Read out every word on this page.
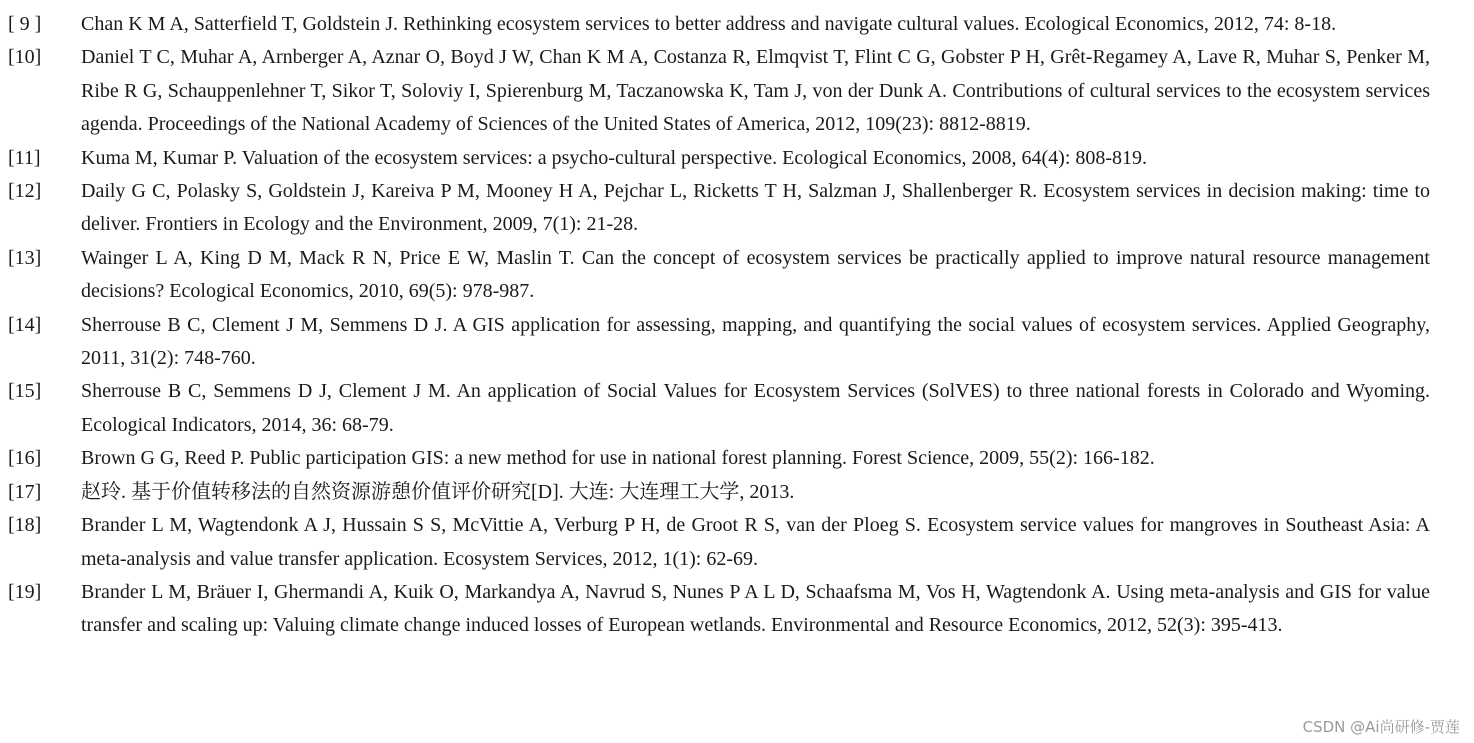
[ 9 ] Chan K M A, Satterfield T, Goldstein J. Rethinking ecosystem services to better address and navigate cultural values. Ecological Economics, 2012, 74: 8-18.
[10] Daniel T C, Muhar A, Arnberger A, Aznar O, Boyd J W, Chan K M A, Costanza R, Elmqvist T, Flint C G, Gobster P H, Grêt-Regamey A, Lave R, Muhar S, Penker M, Ribe R G, Schauppenlehner T, Sikor T, Soloviy I, Spierenburg M, Taczanowska K, Tam J, von der Dunk A. Contributions of cultural services to the ecosystem services agenda. Proceedings of the National Academy of Sciences of the United States of America, 2012, 109(23): 8812-8819.
[11] Kuma M, Kumar P. Valuation of the ecosystem services: a psycho-cultural perspective. Ecological Economics, 2008, 64(4): 808-819.
[12] Daily G C, Polasky S, Goldstein J, Kareiva P M, Mooney H A, Pejchar L, Ricketts T H, Salzman J, Shallenberger R. Ecosystem services in decision making: time to deliver. Frontiers in Ecology and the Environment, 2009, 7(1): 21-28.
[13] Wainger L A, King D M, Mack R N, Price E W, Maslin T. Can the concept of ecosystem services be practically applied to improve natural resource management decisions? Ecological Economics, 2010, 69(5): 978-987.
[14] Sherrouse B C, Clement J M, Semmens D J. A GIS application for assessing, mapping, and quantifying the social values of ecosystem services. Applied Geography, 2011, 31(2): 748-760.
[15] Sherrouse B C, Semmens D J, Clement J M. An application of Social Values for Ecosystem Services (SolVES) to three national forests in Colorado and Wyoming. Ecological Indicators, 2014, 36: 68-79.
[16] Brown G G, Reed P. Public participation GIS: a new method for use in national forest planning. Forest Science, 2009, 55(2): 166-182.
[17] 赵玲. 基于价值转移法的自然资源游憩价值评价研究[D]. 大连: 大连理工大学, 2013.
[18] Brander L M, Wagtendonk A J, Hussain S S, McVittie A, Verburg P H, de Groot R S, van der Ploeg S. Ecosystem service values for mangroves in Southeast Asia: A meta-analysis and value transfer application. Ecosystem Services, 2012, 1(1): 62-69.
[19] Brander L M, Bräuer I, Ghermandi A, Kuik O, Markandya A, Navrud S, Nunes P A L D, Schaafsma M, Vos H, Wagtendonk A. Using meta-analysis and GIS for value transfer and scaling up: Valuing climate change induced losses of European wetlands. Environmental and Resource Economics, 2012, 52(3): 395-413.
CSDN @Ai尚研修-贾莲
